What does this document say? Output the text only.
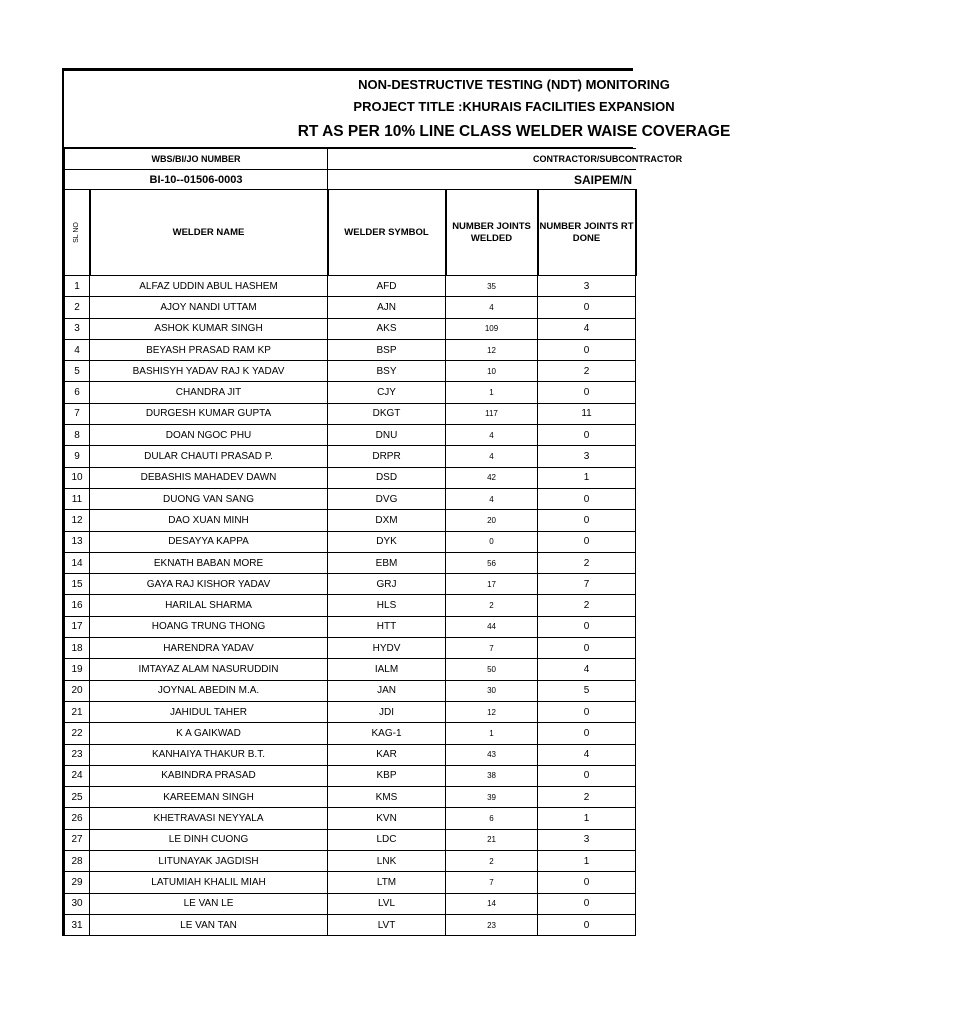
NON-DESTRUCTIVE TESTING (NDT) MONITORING
PROJECT TITLE :KHURAIS FACILITIES EXPANSION
RT AS PER 10% LINE CLASS WELDER WAISE COVERAGE
WBS/BI/JO NUMBER		CONTRACTOR/SUBCONTRACTOR		
BI-10--01506-0003		SAIPEM/N		
SL NO	WELDER NAME	WELDER SYMBOL	NUMBER JOINTS WELDED	NUMBER JOINTS RT DONE
1	ALFAZ UDDIN ABUL HASHEM	AFD	35	3
2	AJOY NANDI UTTAM	AJN	4	0
3	ASHOK KUMAR SINGH	AKS	109	4
4	BEYASH PRASAD RAM KP	BSP	12	0
5	BASHISYH YADAV RAJ K YADAV	BSY	10	2
6	CHANDRA JIT	CJY	1	0
7	DURGESH KUMAR GUPTA	DKGT	117	11
8	DOAN NGOC PHU	DNU	4	0
9	DULAR CHAUTI PRASAD P.	DRPR	4	3
10	DEBASHIS MAHADEV DAWN	DSD	42	1
11	DUONG VAN SANG	DVG	4	0
12	DAO XUAN MINH	DXM	20	0
13	DESAYYA KAPPA	DYK	0	0
14	EKNATH BABAN MORE	EBM	56	2
15	GAYA RAJ KISHOR YADAV	GRJ	17	7
16	HARILAL SHARMA	HLS	2	2
17	HOANG TRUNG THONG	HTT	44	0
18	HARENDRA YADAV	HYDV	7	0
19	IMTAYAZ ALAM NASURUDDIN	IALM	50	4
20	JOYNAL ABEDIN M.A.	JAN	30	5
21	JAHIDUL TAHER	JDI	12	0
22	K A GAIKWAD	KAG-1	1	0
23	KANHAIYA THAKUR B.T.	KAR	43	4
24	KABINDRA PRASAD	KBP	38	0
25	KAREEMAN SINGH	KMS	39	2
26	KHETRAVASI NEYYALA	KVN	6	1
27	LE DINH CUONG	LDC	21	3
28	LITUNAYAK JAGDISH	LNK	2	1
29	LATUMIAH KHALIL MIAH	LTM	7	0
30	LE VAN LE	LVL	14	0
31	LE VAN TAN	LVT	23	0
